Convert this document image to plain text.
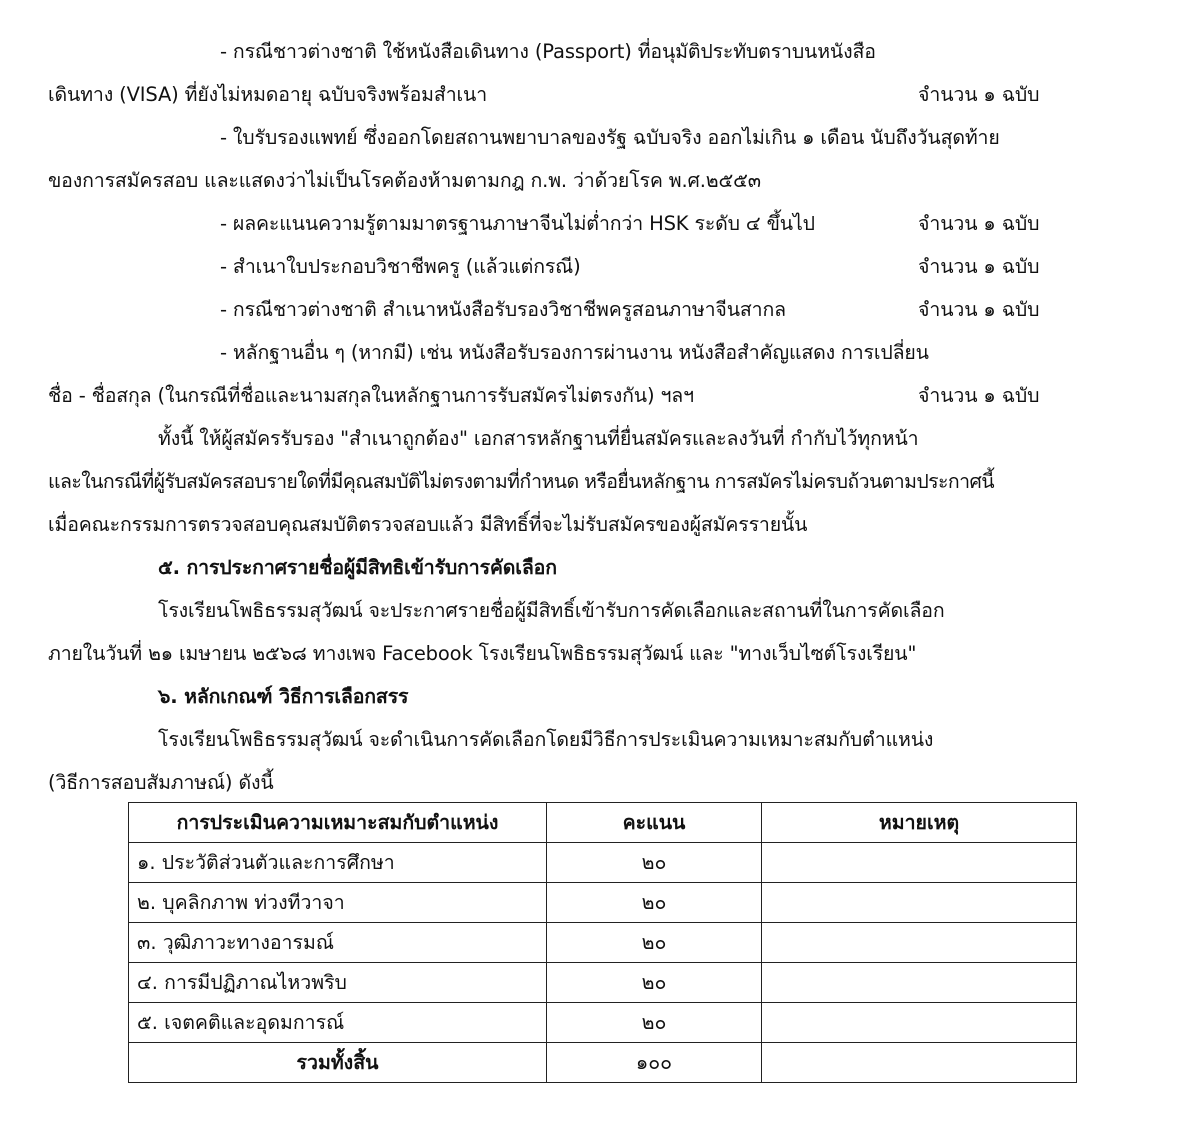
- กรณีชาวต่างชาติ ใช้หนังสือเดินทาง (Passport) ที่อนุมัติประทับตราบนหนังสือ
เดินทาง (VISA) ที่ยังไม่หมดอายุ ฉบับจริงพร้อมสำเนา	จำนวน ๑ ฉบับ
- ใบรับรองแพทย์ ซึ่งออกโดยสถานพยาบาลของรัฐ ฉบับจริง ออกไม่เกิน ๑ เดือน นับถึงวันสุดท้าย
ของการสมัครสอบ และแสดงว่าไม่เป็นโรคต้องห้ามตามกฎ ก.พ. ว่าด้วยโรค พ.ศ.๒๕๕๓
- ผลคะแนนความรู้ตามมาตรฐานภาษาจีนไม่ต่ำกว่า HSK ระดับ ๔ ขึ้นไป	จำนวน ๑ ฉบับ
- สำเนาใบประกอบวิชาชีพครู (แล้วแต่กรณี)	จำนวน ๑ ฉบับ
- กรณีชาวต่างชาติ สำเนาหนังสือรับรองวิชาชีพครูสอนภาษาจีนสากล	จำนวน ๑ ฉบับ
- หลักฐานอื่น ๆ (หากมี) เช่น หนังสือรับรองการผ่านงาน หนังสือสำคัญแสดง การเปลี่ยน
ชื่อ - ชื่อสกุล (ในกรณีที่ชื่อและนามสกุลในหลักฐานการรับสมัครไม่ตรงกัน) ฯลฯ	จำนวน ๑ ฉบับ
ทั้งนี้ ให้ผู้สมัครรับรอง "สำเนาถูกต้อง" เอกสารหลักฐานที่ยื่นสมัครและลงวันที่ กำกับไว้ทุกหน้า
และในกรณีที่ผู้รับสมัครสอบรายใดที่มีคุณสมบัติไม่ตรงตามที่กำหนด หรือยื่นหลักฐาน การสมัครไม่ครบถ้วนตามประกาศนี้
เมื่อคณะกรรมการตรวจสอบคุณสมบัติตรวจสอบแล้ว มีสิทธิ์ที่จะไม่รับสมัครของผู้สมัครรายนั้น
๕. การประกาศรายชื่อผู้มีสิทธิเข้ารับการคัดเลือก
โรงเรียนโพธิธรรมสุวัฒน์ จะประกาศรายชื่อผู้มีสิทธิ์เข้ารับการคัดเลือกและสถานที่ในการคัดเลือก
ภายในวันที่ ๒๑ เมษายน ๒๕๖๘ ทางเพจ Facebook โรงเรียนโพธิธรรมสุวัฒน์ และ "ทางเว็บไซต์โรงเรียน"
๖. หลักเกณฑ์ วิธีการเลือกสรร
โรงเรียนโพธิธรรมสุวัฒน์ จะดำเนินการคัดเลือกโดยมีวิธีการประเมินความเหมาะสมกับตำแหน่ง
(วิธีการสอบสัมภาษณ์) ดังนี้
การประเมินความเหมาะสมกับตำแหน่ง	คะแนน	หมายเหตุ
๑. ประวัติส่วนตัวและการศึกษา	๒๐	
๒. บุคลิกภาพ ท่วงทีวาจา	๒๐	
๓. วุฒิภาวะทางอารมณ์	๒๐	
๔. การมีปฏิภาณไหวพริบ	๒๐	
๕. เจตคติและอุดมการณ์	๒๐	
รวมทั้งสิ้น	๑๐๐	
